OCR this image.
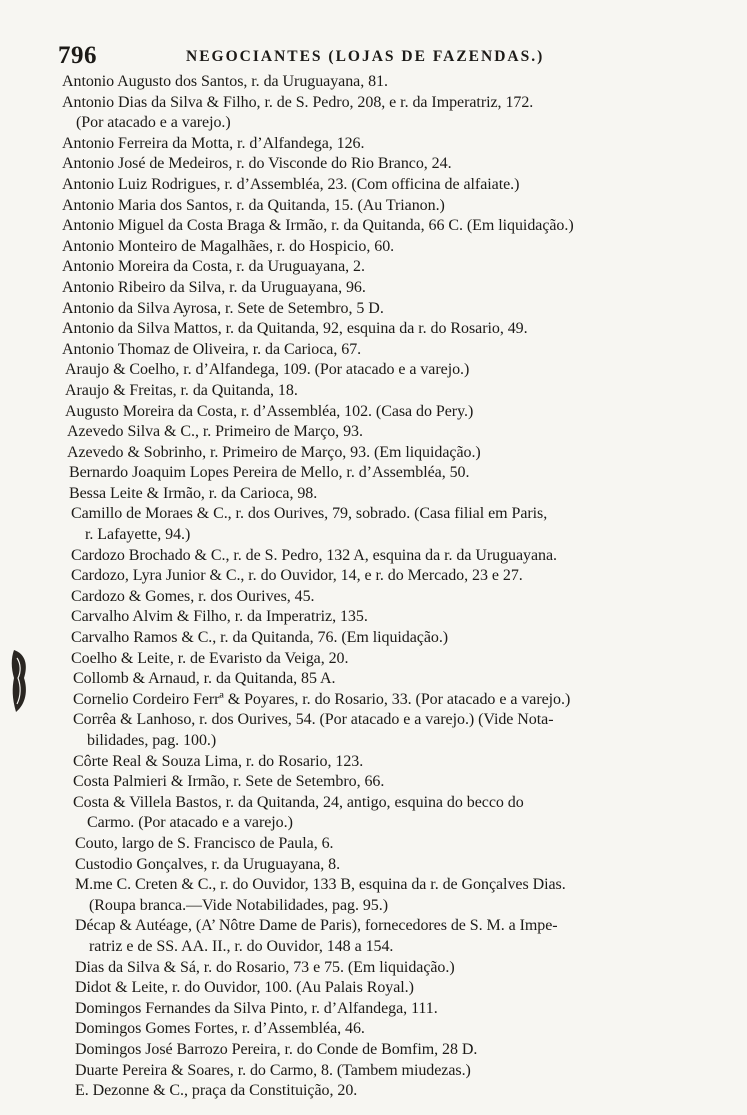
796	NEGOCIANTES (LOJAS DE FAZENDAS.)
Antonio Augusto dos Santos, r. da Uruguayana, 81.
Antonio Dias da Silva & Filho, r. de S. Pedro, 208, e r. da Imperatriz, 172.
(Por atacado e a varejo.)
Antonio Ferreira da Motta, r. d’Alfandega, 126.
Antonio José de Medeiros, r. do Visconde do Rio Branco, 24.
Antonio Luiz Rodrigues, r. d’Assembléa, 23. (Com officina de alfaiate.)
Antonio Maria dos Santos, r. da Quitanda, 15. (Au Trianon.)
Antonio Miguel da Costa Braga & Irmão, r. da Quitanda, 66 C. (Em liquidação.)
Antonio Monteiro de Magalhães, r. do Hospicio, 60.
Antonio Moreira da Costa, r. da Uruguayana, 2.
Antonio Ribeiro da Silva, r. da Uruguayana, 96.
Antonio da Silva Ayrosa, r. Sete de Setembro, 5 D.
Antonio da Silva Mattos, r. da Quitanda, 92, esquina da r. do Rosario, 49.
Antonio Thomaz de Oliveira, r. da Carioca, 67.
Araujo & Coelho, r. d’Alfandega, 109. (Por atacado e a varejo.)
Araujo & Freitas, r. da Quitanda, 18.
Augusto Moreira da Costa, r. d’Assembléa, 102. (Casa do Pery.)
Azevedo Silva & C., r. Primeiro de Março, 93.
Azevedo & Sobrinho, r. Primeiro de Março, 93. (Em liquidação.)
Bernardo Joaquim Lopes Pereira de Mello, r. d’Assembléa, 50.
Bessa Leite & Irmão, r. da Carioca, 98.
Camillo de Moraes & C., r. dos Ourives, 79, sobrado. (Casa filial em Paris,
r. Lafayette, 94.)
Cardozo Brochado & C., r. de S. Pedro, 132 A, esquina da r. da Uruguayana.
Cardozo, Lyra Junior & C., r. do Ouvidor, 14, e r. do Mercado, 23 e 27.
Cardozo & Gomes, r. dos Ourives, 45.
Carvalho Alvim & Filho, r. da Imperatriz, 135.
Carvalho Ramos & C., r. da Quitanda, 76. (Em liquidação.)
Coelho & Leite, r. de Evaristo da Veiga, 20.
Collomb & Arnaud, r. da Quitanda, 85 A.
Cornelio Cordeiro Ferrª & Poyares, r. do Rosario, 33. (Por atacado e a varejo.)
Corrêa & Lanhoso, r. dos Ourives, 54. (Por atacado e a varejo.) (Vide Nota-
bilidades, pag. 100.)
Côrte Real & Souza Lima, r. do Rosario, 123.
Costa Palmieri & Irmão, r. Sete de Setembro, 66.
Costa & Villela Bastos, r. da Quitanda, 24, antigo, esquina do becco do
Carmo. (Por atacado e a varejo.)
Couto, largo de S. Francisco de Paula, 6.
Custodio Gonçalves, r. da Uruguayana, 8.
M.me C. Creten & C., r. do Ouvidor, 133 B, esquina da r. de Gonçalves Dias.
(Roupa branca.—Vide Notabilidades, pag. 95.)
Décap & Autéage, (A’ Nôtre Dame de Paris), fornecedores de S. M. a Impe-
ratriz e de SS. AA. II., r. do Ouvidor, 148 a 154.
Dias da Silva & Sá, r. do Rosario, 73 e 75. (Em liquidação.)
Didot & Leite, r. do Ouvidor, 100. (Au Palais Royal.)
Domingos Fernandes da Silva Pinto, r. d’Alfandega, 111.
Domingos Gomes Fortes, r. d’Assembléa, 46.
Domingos José Barrozo Pereira, r. do Conde de Bomfim, 28 D.
Duarte Pereira & Soares, r. do Carmo, 8. (Tambem miudezas.)
E. Dezonne & C., praça da Constituição, 20.
